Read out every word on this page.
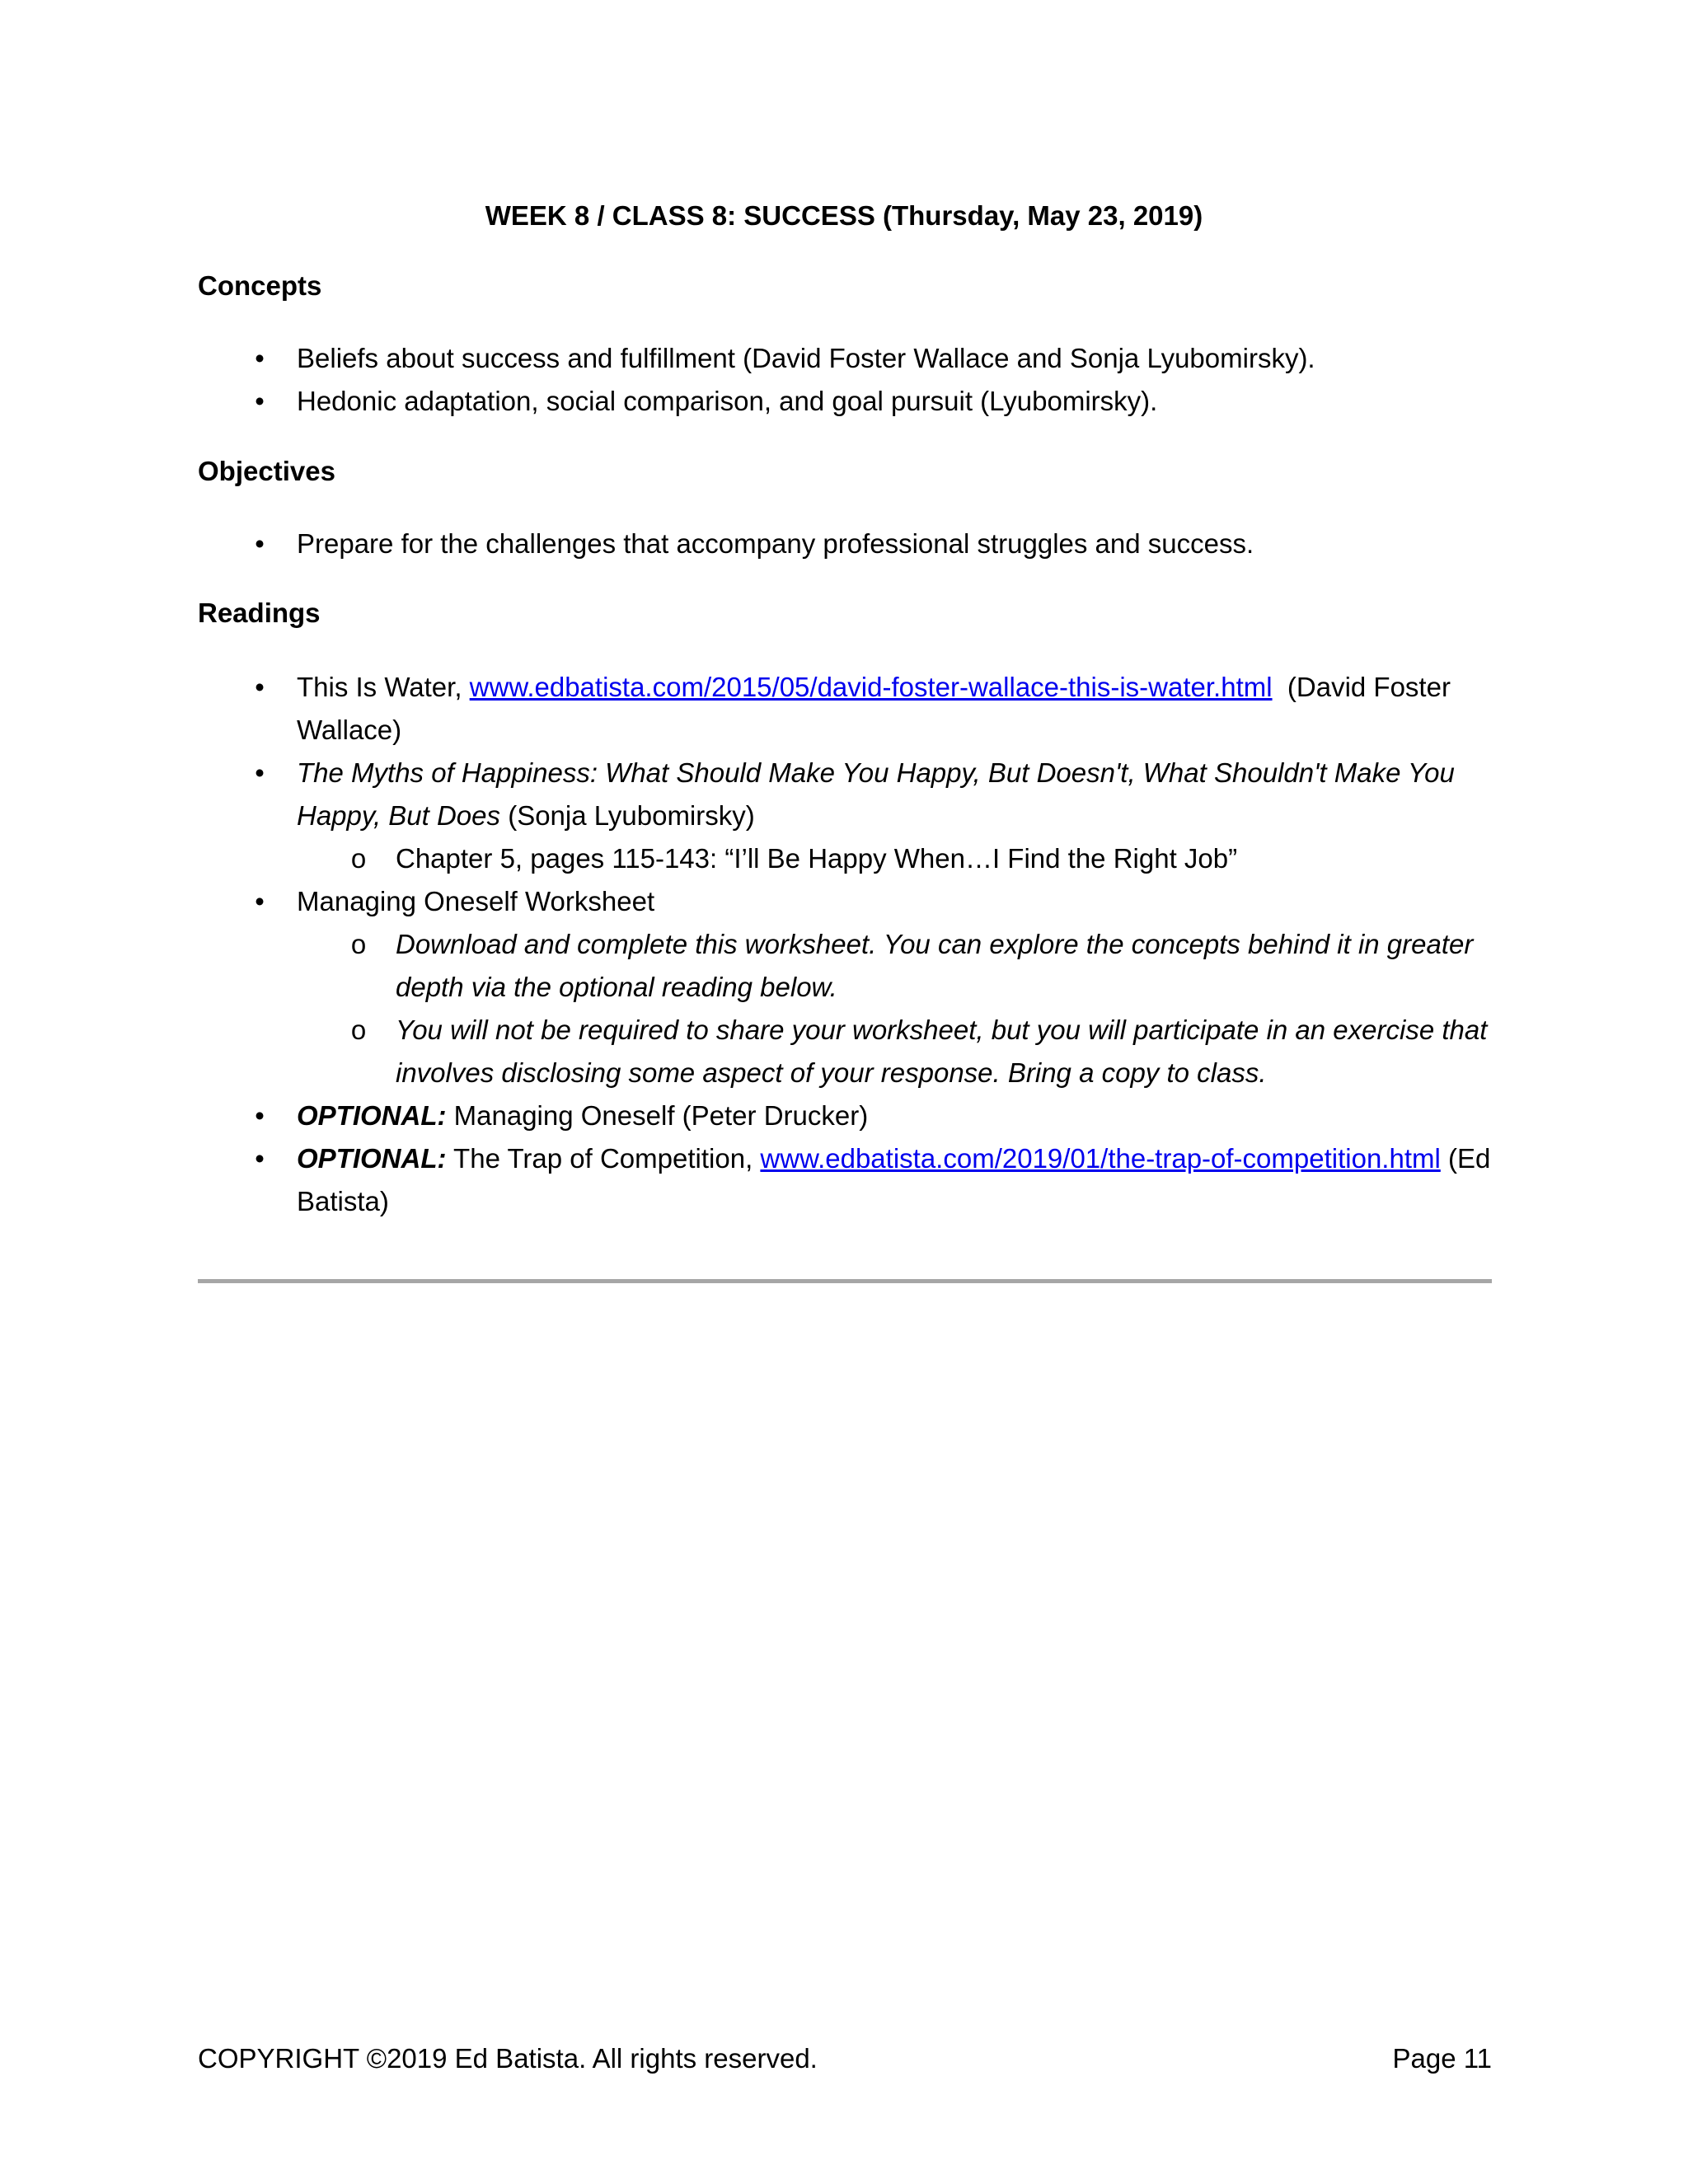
WEEK 8 / CLASS 8: SUCCESS (Thursday, May 23, 2019)
Concepts
• Beliefs about success and fulfillment (David Foster Wallace and Sonja Lyubomirsky).
• Hedonic adaptation, social comparison, and goal pursuit (Lyubomirsky).
Objectives
• Prepare for the challenges that accompany professional struggles and success.
Readings
• This Is Water, www.edbatista.com/2015/05/david-foster-wallace-this-is-water.html  (David Foster Wallace)
• The Myths of Happiness: What Should Make You Happy, But Doesn't, What Shouldn't Make You Happy, But Does (Sonja Lyubomirsky)
o Chapter 5, pages 115-143: “I’ll Be Happy When…I Find the Right Job”
• Managing Oneself Worksheet
o Download and complete this worksheet. You can explore the concepts behind it in greater depth via the optional reading below.
o You will not be required to share your worksheet, but you will participate in an exercise that involves disclosing some aspect of your response. Bring a copy to class.
• OPTIONAL: Managing Oneself (Peter Drucker)
• OPTIONAL: The Trap of Competition, www.edbatista.com/2019/01/the-trap-of-competition.html (Ed Batista)
COPYRIGHT ©2019 Ed Batista. All rights reserved.	Page 11
